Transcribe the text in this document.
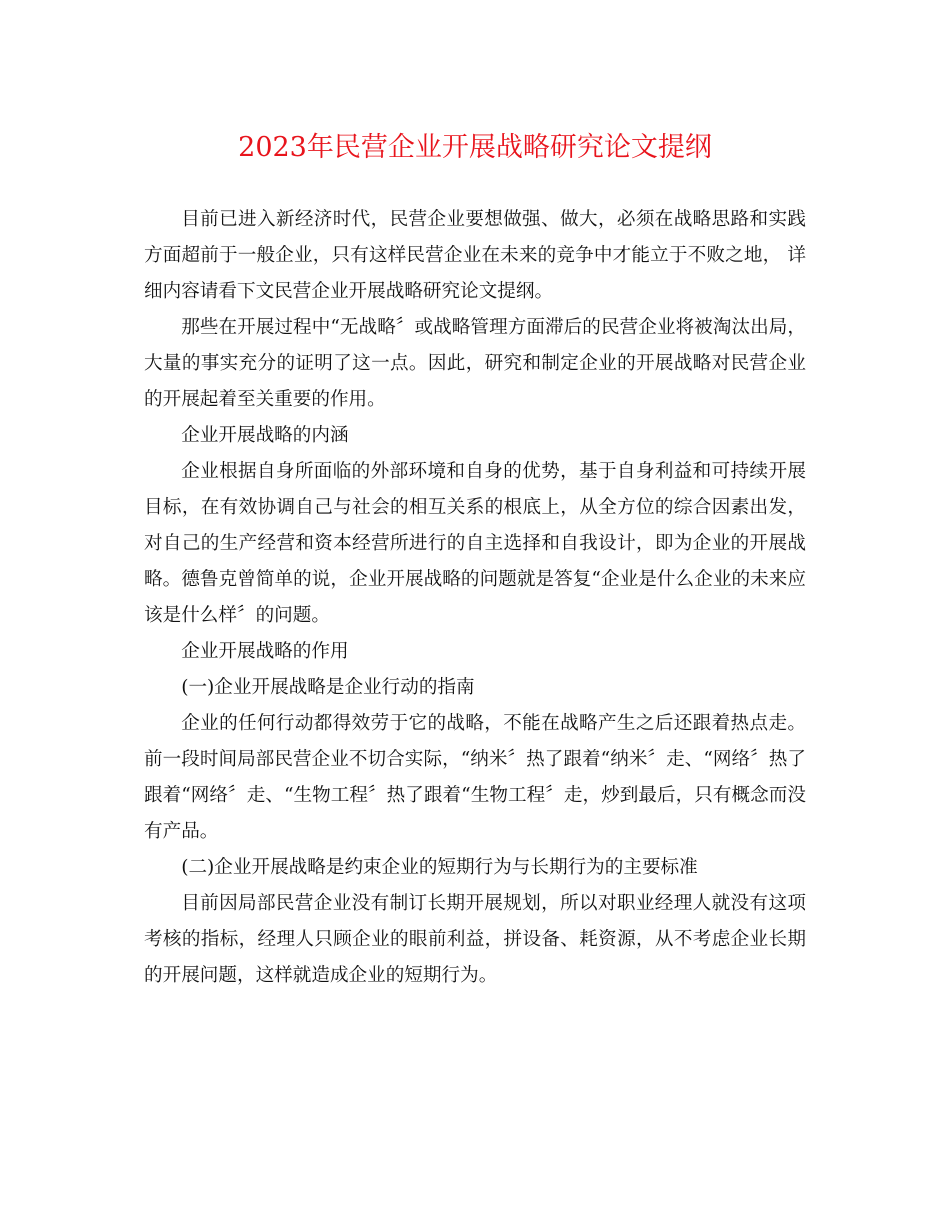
2023年民营企业开展战略研究论文提纲

目前已进入新经济时代，民营企业要想做强、做大，必须在战略思路和实践方面超前于一般企业，只有这样民营企业在未来的竞争中才能立于不败之地， 详细内容请看下文民营企业开展战略研究论文提纲。

那些在开展过程中“无战略〞或战略管理方面滞后的民营企业将被淘汰出局，大量的事实充分的证明了这一点。因此，研究和制定企业的开展战略对民营企业的开展起着至关重要的作用。

企业开展战略的内涵

企业根据自身所面临的外部环境和自身的优势，基于自身利益和可持续开展目标，在有效协调自己与社会的相互关系的根底上，从全方位的综合因素出发，对自己的生产经营和资本经营所进行的自主选择和自我设计，即为企业的开展战略。德鲁克曾简单的说，企业开展战略的问题就是答复“企业是什么企业的未来应该是什么样〞的问题。

企业开展战略的作用

(一)企业开展战略是企业行动的指南

企业的任何行动都得效劳于它的战略，不能在战略产生之后还跟着热点走。前一段时间局部民营企业不切合实际，“纳米〞热了跟着“纳米〞走、“网络〞热了跟着“网络〞走、“生物工程〞热了跟着“生物工程〞走，炒到最后，只有概念而没有产品。

(二)企业开展战略是约束企业的短期行为与长期行为的主要标准

目前因局部民营企业没有制订长期开展规划，所以对职业经理人就没有这项考核的指标，经理人只顾企业的眼前利益，拼设备、耗资源，从不考虑企业长期的开展问题，这样就造成企业的短期行为。
